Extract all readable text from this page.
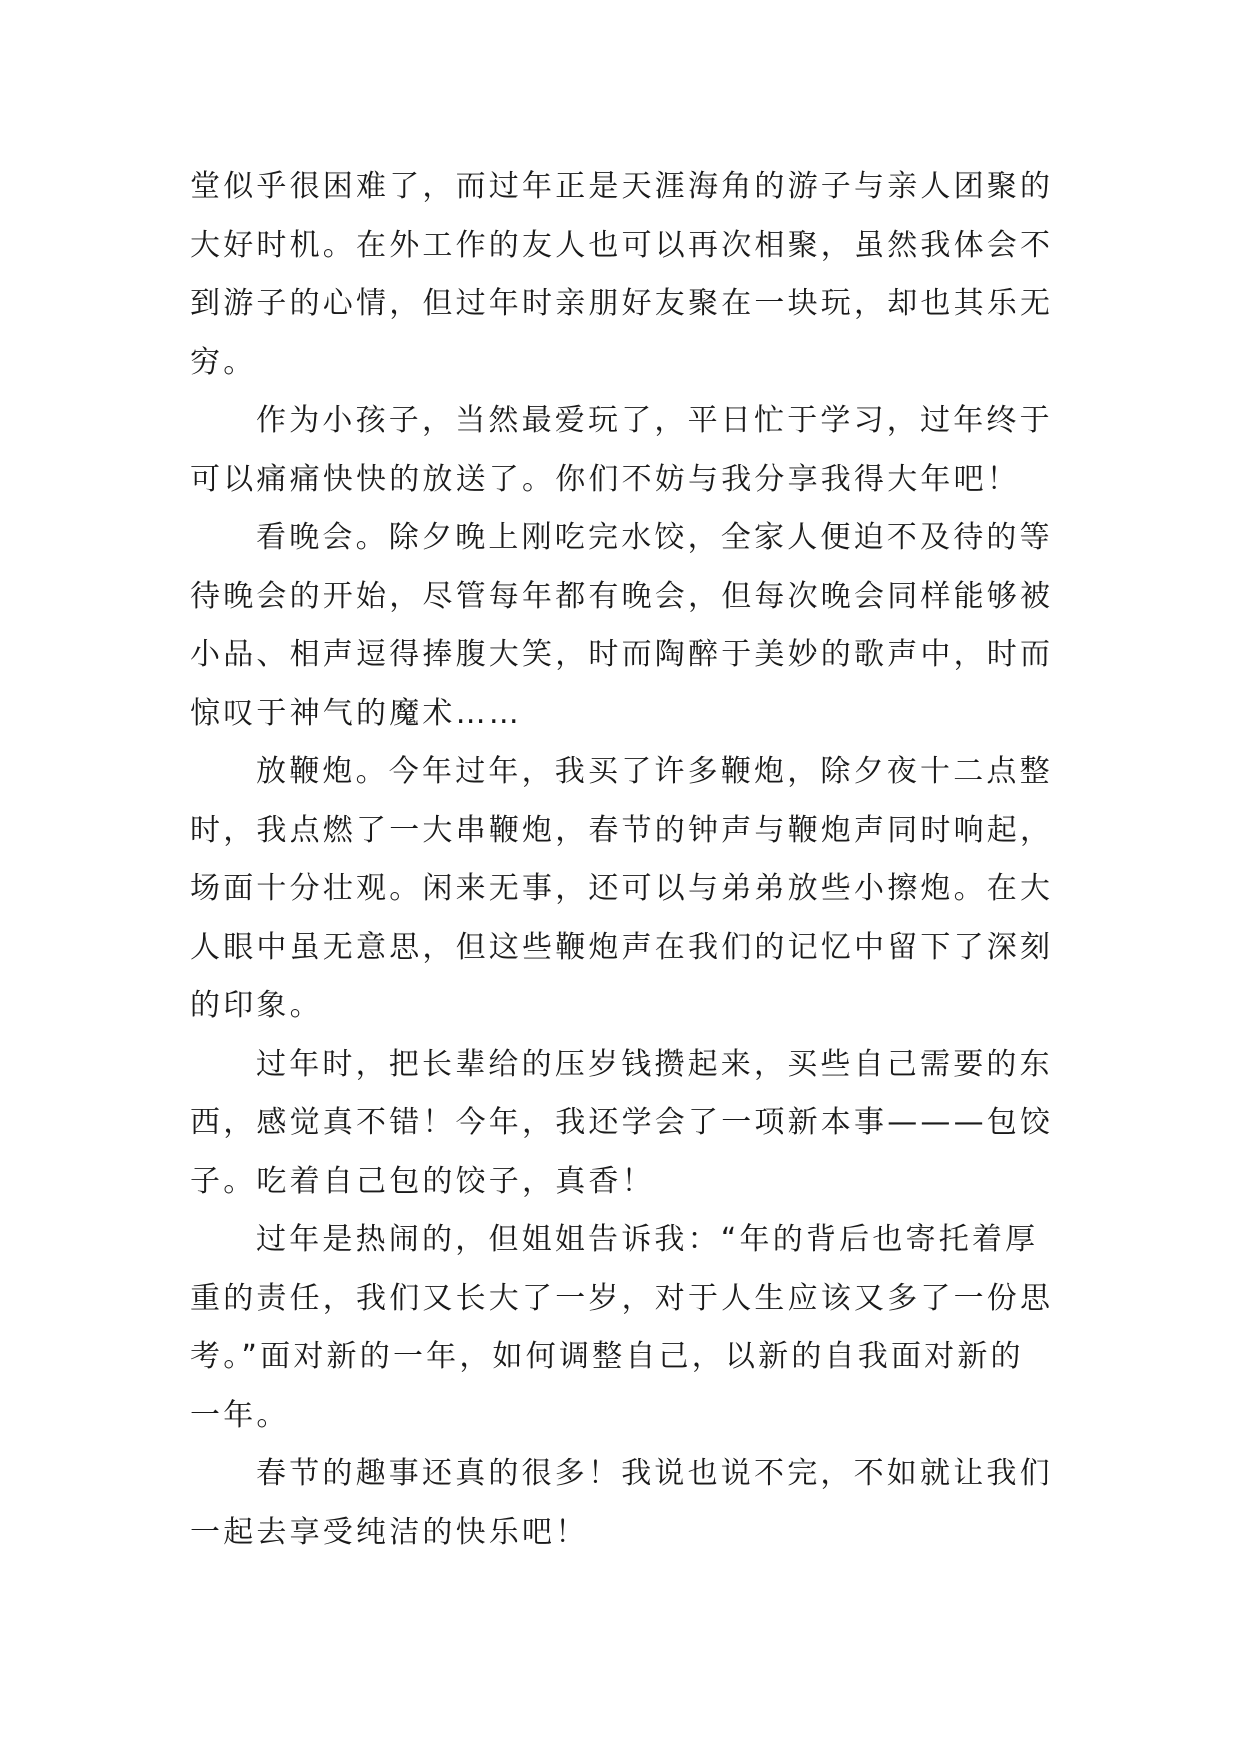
堂似乎很困难了，而过年正是天涯海角的游子与亲人团聚的
大好时机。在外工作的友人也可以再次相聚，虽然我体会不
到游子的心情，但过年时亲朋好友聚在一块玩，却也其乐无
穷。
作为小孩子，当然最爱玩了，平日忙于学习，过年终于
可以痛痛快快的放送了。你们不妨与我分享我得大年吧！
看晚会。除夕晚上刚吃完水饺，全家人便迫不及待的等
待晚会的开始，尽管每年都有晚会，但每次晚会同样能够被
小品、相声逗得捧腹大笑，时而陶醉于美妙的歌声中，时而
惊叹于神气的魔术……
放鞭炮。今年过年，我买了许多鞭炮，除夕夜十二点整
时，我点燃了一大串鞭炮，春节的钟声与鞭炮声同时响起，
场面十分壮观。闲来无事，还可以与弟弟放些小擦炮。在大
人眼中虽无意思，但这些鞭炮声在我们的记忆中留下了深刻
的印象。
过年时，把长辈给的压岁钱攒起来，买些自己需要的东
西，感觉真不错！今年，我还学会了一项新本事———包饺
子。吃着自己包的饺子，真香！
过年是热闹的，但姐姐告诉我：“年的背后也寄托着厚
重的责任，我们又长大了一岁，对于人生应该又多了一份思
考。”面对新的一年，如何调整自己，以新的自我面对新的
一年。
春节的趣事还真的很多！我说也说不完，不如就让我们
一起去享受纯洁的快乐吧！
